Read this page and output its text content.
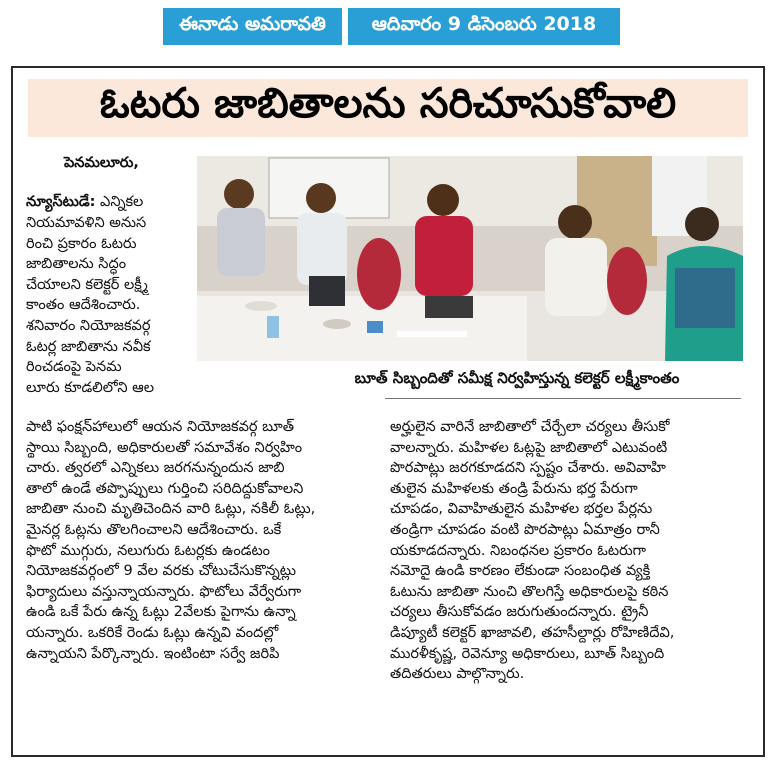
ఈనాడు అమరావతి	ఆదివారం 9 డిసెంబరు 2018
ఓటరు జాబితాలను సరిచూసుకోవాలి
పెనమలూరు,
న్యూస్‌టుడే: ఎన్నికల
నియమావళిని అనుస
రించి ప్రకారం ఓటరు
జాబితాలను సిద్ధం
చేయాలని కలెక్టర్ లక్ష్మీ
కాంతం ఆదేశించారు.
శనివారం నియోజకవర్గ
ఓటర్ల జాబితాను నవీక
రించడంపై పెనమ
లూరు కూడలిలోని ఆల
బూత్ సిబ్బందితో సమీక్ష నిర్వహిస్తున్న కలెక్టర్ లక్ష్మీకాంతం
పాటి ఫంక్షన్‌హాలులో ఆయన నియోజకవర్గ బూత్
స్థాయి సిబ్బంది, అధికారులతో సమావేశం నిర్వహిం
చారు. త్వరలో ఎన్నికలు జరగనున్నందున జాబి
తాలో ఉండే తప్పొప్పులు గుర్తించి సరిదిద్దుకోవాలని
జాబితా నుంచి మృతిచెందిన వారి ఓట్లు, నకిలీ ఓట్లు,
మైనర్ల ఓట్లను తొలగించాలని ఆదేశించారు. ఒకే
ఫొటో ముగ్గురు, నలుగురు ఓటర్లకు ఉండటం
నియోజకవర్గంలో 9 వేల వరకు చోటుచేసుకొన్నట్లు
ఫిర్యాదులు వస్తున్నాయన్నారు. ఫొటోలు వేర్వేరుగా
ఉండి ఒకే పేరు ఉన్న ఓట్లు 2వేలకు పైగాను ఉన్నా
యన్నారు. ఒకరికే రెండు ఓట్లు ఉన్నవి వందల్లో
ఉన్నాయని పేర్కొన్నారు. ఇంటింటా సర్వే జరిపి
అర్హులైన వారినే జాబితాలో చేర్చేలా చర్యలు తీసుకో
వాలన్నారు. మహిళల ఓట్లపై జాబితాలో ఎటువంటి
పొరపాట్లు జరగకూడదని స్పష్టం చేశారు. అవివాహి
తులైన మహిళలకు తండ్రి పేరును భర్త పేరుగా
చూపడం, వివాహితులైన మహిళల భర్తల పేర్లను
తండ్రిగా చూపడం వంటి పొరపాట్లు ఏమాత్రం రానీ
యకూడదన్నారు. నిబంధనల ప్రకారం ఓటరుగా
నమోదై ఉండి కారణం లేకుండా సంబంధిత వ్యక్తి
ఓటును జాబితా నుంచి తొలగిస్తే అధికారులపై కఠిన
చర్యలు తీసుకోవడం జరుగుతుందన్నారు. ట్రైనీ
డిప్యూటీ కలెక్టర్ ఖాజావలి, తహసీల్దార్లు రోహిణిదేవి,
మురళీకృష్ణ, రెవెన్యూ అధికారులు, బూత్ సిబ్బంది
తదితరులు పాల్గొన్నారు.
